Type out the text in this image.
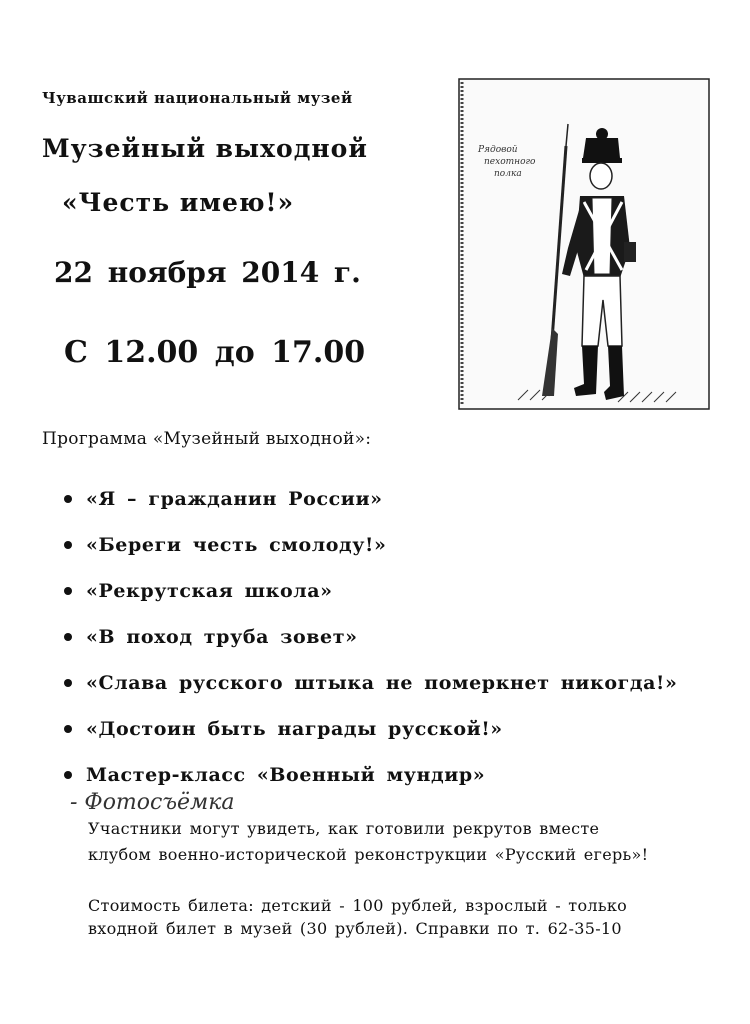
Чувашский национальный музей
Музейный выходной
«Честь имею!»
22 ноября 2014 г.
С 12.00 до 17.00
Рядовой
пехотного
полка
Программа «Музейный выходной»:
«Я – гражданин России»
«Береги честь смолоду!»
«Рекрутская школа»
«В поход труба зовет»
«Слава русского штыка не померкнет никогда!»
«Достоин быть награды русской!»
Мастер-класс «Военный мундир»
- Фотосъёмка
Участники могут увидеть, как готовили рекрутов вместе
клубом военно-исторической реконструкции «Русский егерь»!
Стоимость билета: детский - 100 рублей, взрослый - только
входной билет в музей (30 рублей). Справки по т. 62-35-10
